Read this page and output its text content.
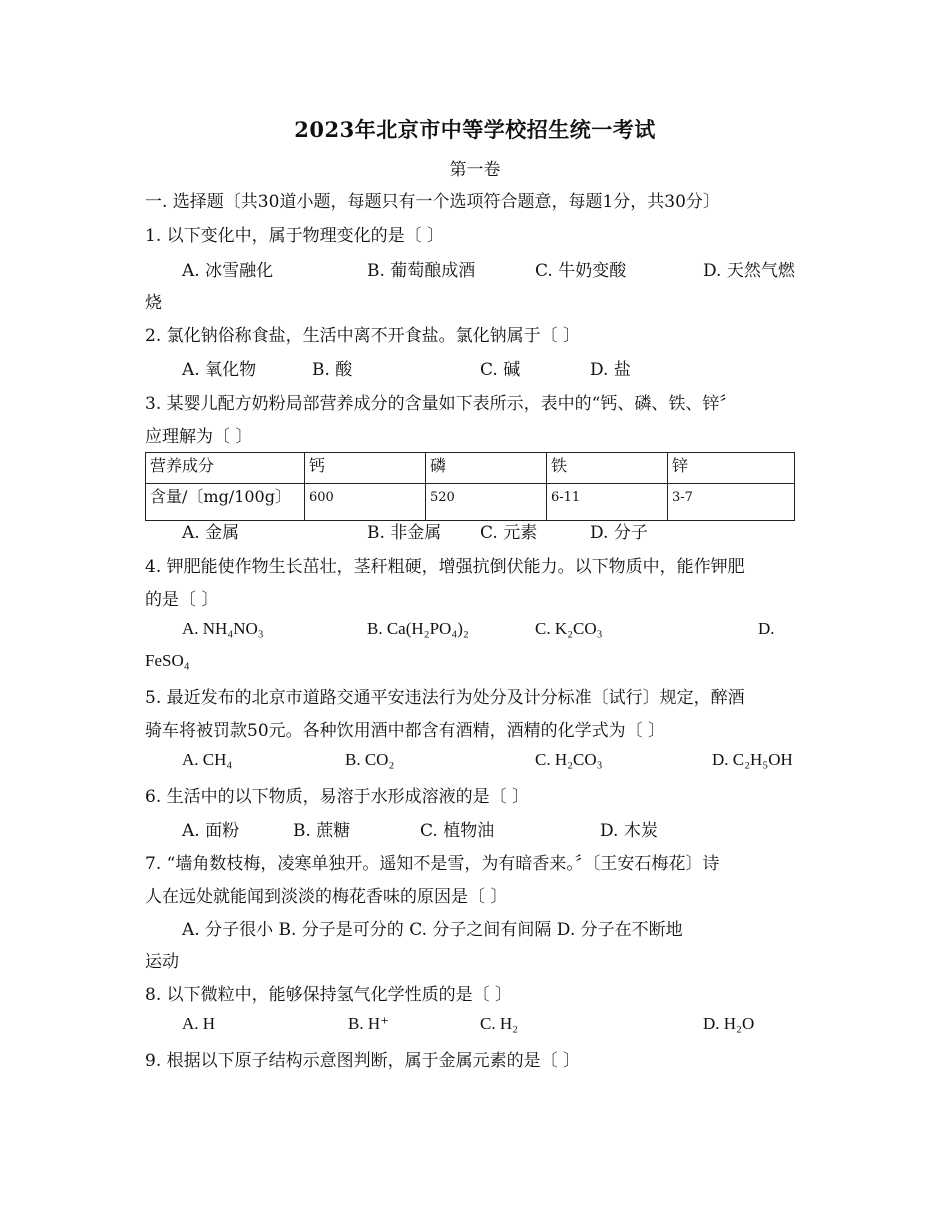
2023年北京市中等学校招生统一考试
第一卷
一. 选择题〔共30道小题，每题只有一个选项符合题意，每题1分，共30分〕
1. 以下变化中，属于物理变化的是〔 〕
A. 冰雪融化	B. 葡萄酿成酒	C. 牛奶变酸	D. 天然气燃
烧
2. 氯化钠俗称食盐，生活中离不开食盐。氯化钠属于〔 〕
A. 氧化物	B. 酸	C. 碱	D. 盐
3. 某婴儿配方奶粉局部营养成分的含量如下表所示，表中的“钙、磷、铁、锌〞
应理解为〔 〕
营养成分	钙	磷	铁	锌
含量/〔mg/100g〕	600	520	6-11	3-7
A. 金属	B. 非金属 C. 元素	D. 分子
4. 钾肥能使作物生长茁壮，茎秆粗硬，增强抗倒伏能力。以下物质中，能作钾肥
的是〔 〕
A. NH₄NO₃	B. Ca(H₂PO₄)₂	C. K₂CO₃	D.
FeSO₄
5. 最近发布的北京市道路交通平安违法行为处分及计分标准〔试行〕规定，醉酒
骑车将被罚款50元。各种饮用酒中都含有酒精，酒精的化学式为〔 〕
A. CH₄	B. CO₂	C. H₂CO₃	D. C₂H₅OH
6. 生活中的以下物质，易溶于水形成溶液的是〔 〕
A. 面粉	B. 蔗糖	C. 植物油	D. 木炭
7. “墙角数枝梅，凌寒单独开。遥知不是雪，为有暗香来。〞〔王安石梅花〕诗
人在远处就能闻到淡淡的梅花香味的原因是〔 〕
A. 分子很小 B. 分子是可分的 C. 分子之间有间隔 D. 分子在不断地
运动
8. 以下微粒中，能够保持氢气化学性质的是〔 〕
A. H	B. H⁺	C. H₂	D. H₂O
9. 根据以下原子结构示意图判断，属于金属元素的是〔 〕
